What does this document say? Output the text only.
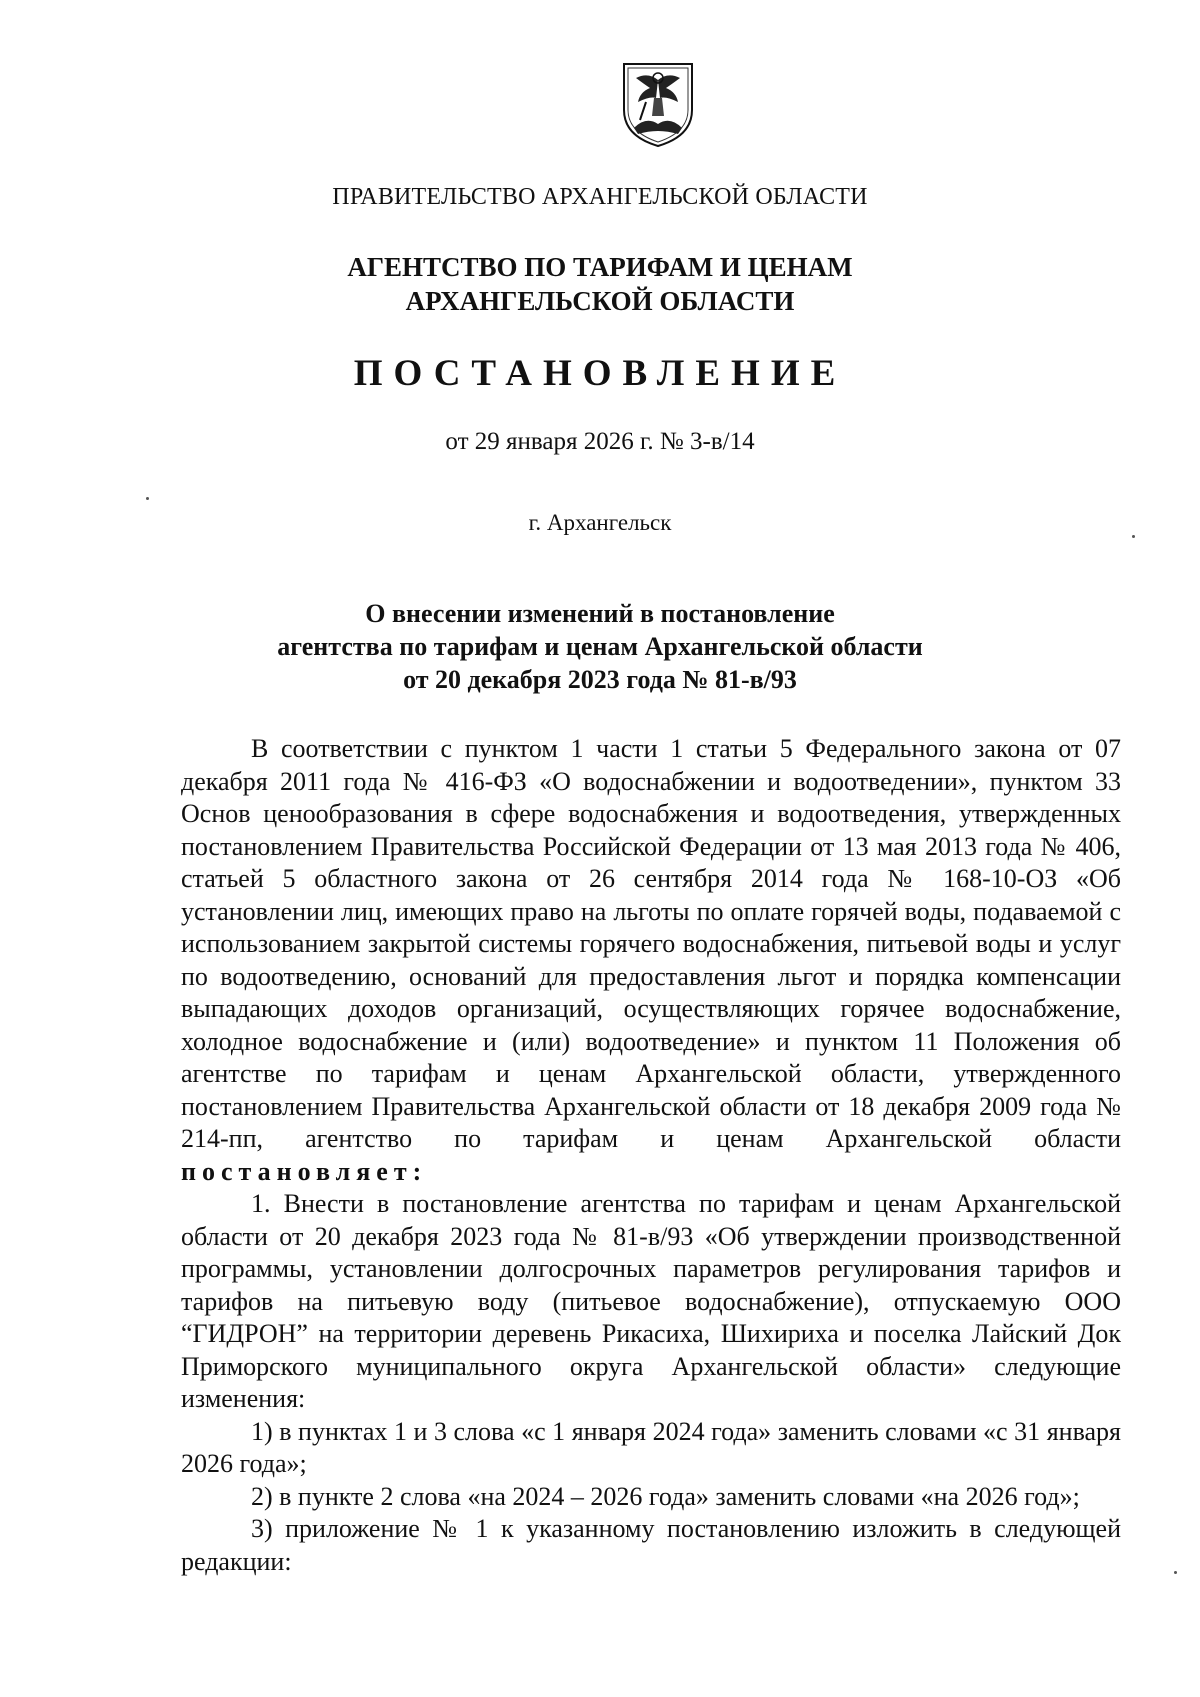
ПРАВИТЕЛЬСТВО АРХАНГЕЛЬСКОЙ ОБЛАСТИ
АГЕНТСТВО ПО ТАРИФАМ И ЦЕНАМ
АРХАНГЕЛЬСКОЙ ОБЛАСТИ
ПОСТАНОВЛЕНИЕ
от 29 января 2026 г. № 3-в/14
г. Архангельск
О внесении изменений в постановление
агентства по тарифам и ценам Архангельской области
от 20 декабря 2023 года № 81-в/93

В соответствии с пунктом 1 части 1 статьи 5 Федерального закона от 07 декабря 2011 года № 416-ФЗ «О водоснабжении и водоотведении», пунктом 33 Основ ценообразования в сфере водоснабжения и водоотведения, утвержденных постановлением Правительства Российской Федерации от 13 мая 2013 года № 406, статьей 5 областного закона от 26 сентября 2014 года № 168-10-ОЗ «Об установлении лиц, имеющих право на льготы по оплате горячей воды, подаваемой с использованием закрытой системы горячего водоснабжения, питьевой воды и услуг по водоотведению, оснований для предоставления льгот и порядка компенсации выпадающих доходов организаций, осуществляющих горячее водоснабжение, холодное водоснабжение и (или) водоотведение» и пунктом 11 Положения об агентстве по тарифам и ценам Архангельской области, утвержденного постановлением Правительства Архангельской области от 18 декабря 2009 года № 214-пп, агентство по тарифам и ценам Архангельской области постановляет:

1. Внести в постановление агентства по тарифам и ценам Архангельской области от 20 декабря 2023 года № 81-в/93 «Об утверждении производственной программы, установлении долгосрочных параметров регулирования тарифов и тарифов на питьевую воду (питьевое водоснабжение), отпускаемую ООО “ГИДРОН” на территории деревень Рикасиха, Шихириха и поселка Лайский Док Приморского муниципального округа Архангельской области» следующие изменения:

1) в пунктах 1 и 3 слова «с 1 января 2024 года» заменить словами «с 31 января 2026 года»;

2) в пункте 2 слова «на 2024 – 2026 года» заменить словами «на 2026 год»;

3) приложение № 1 к указанному постановлению изложить в следующей редакции:
